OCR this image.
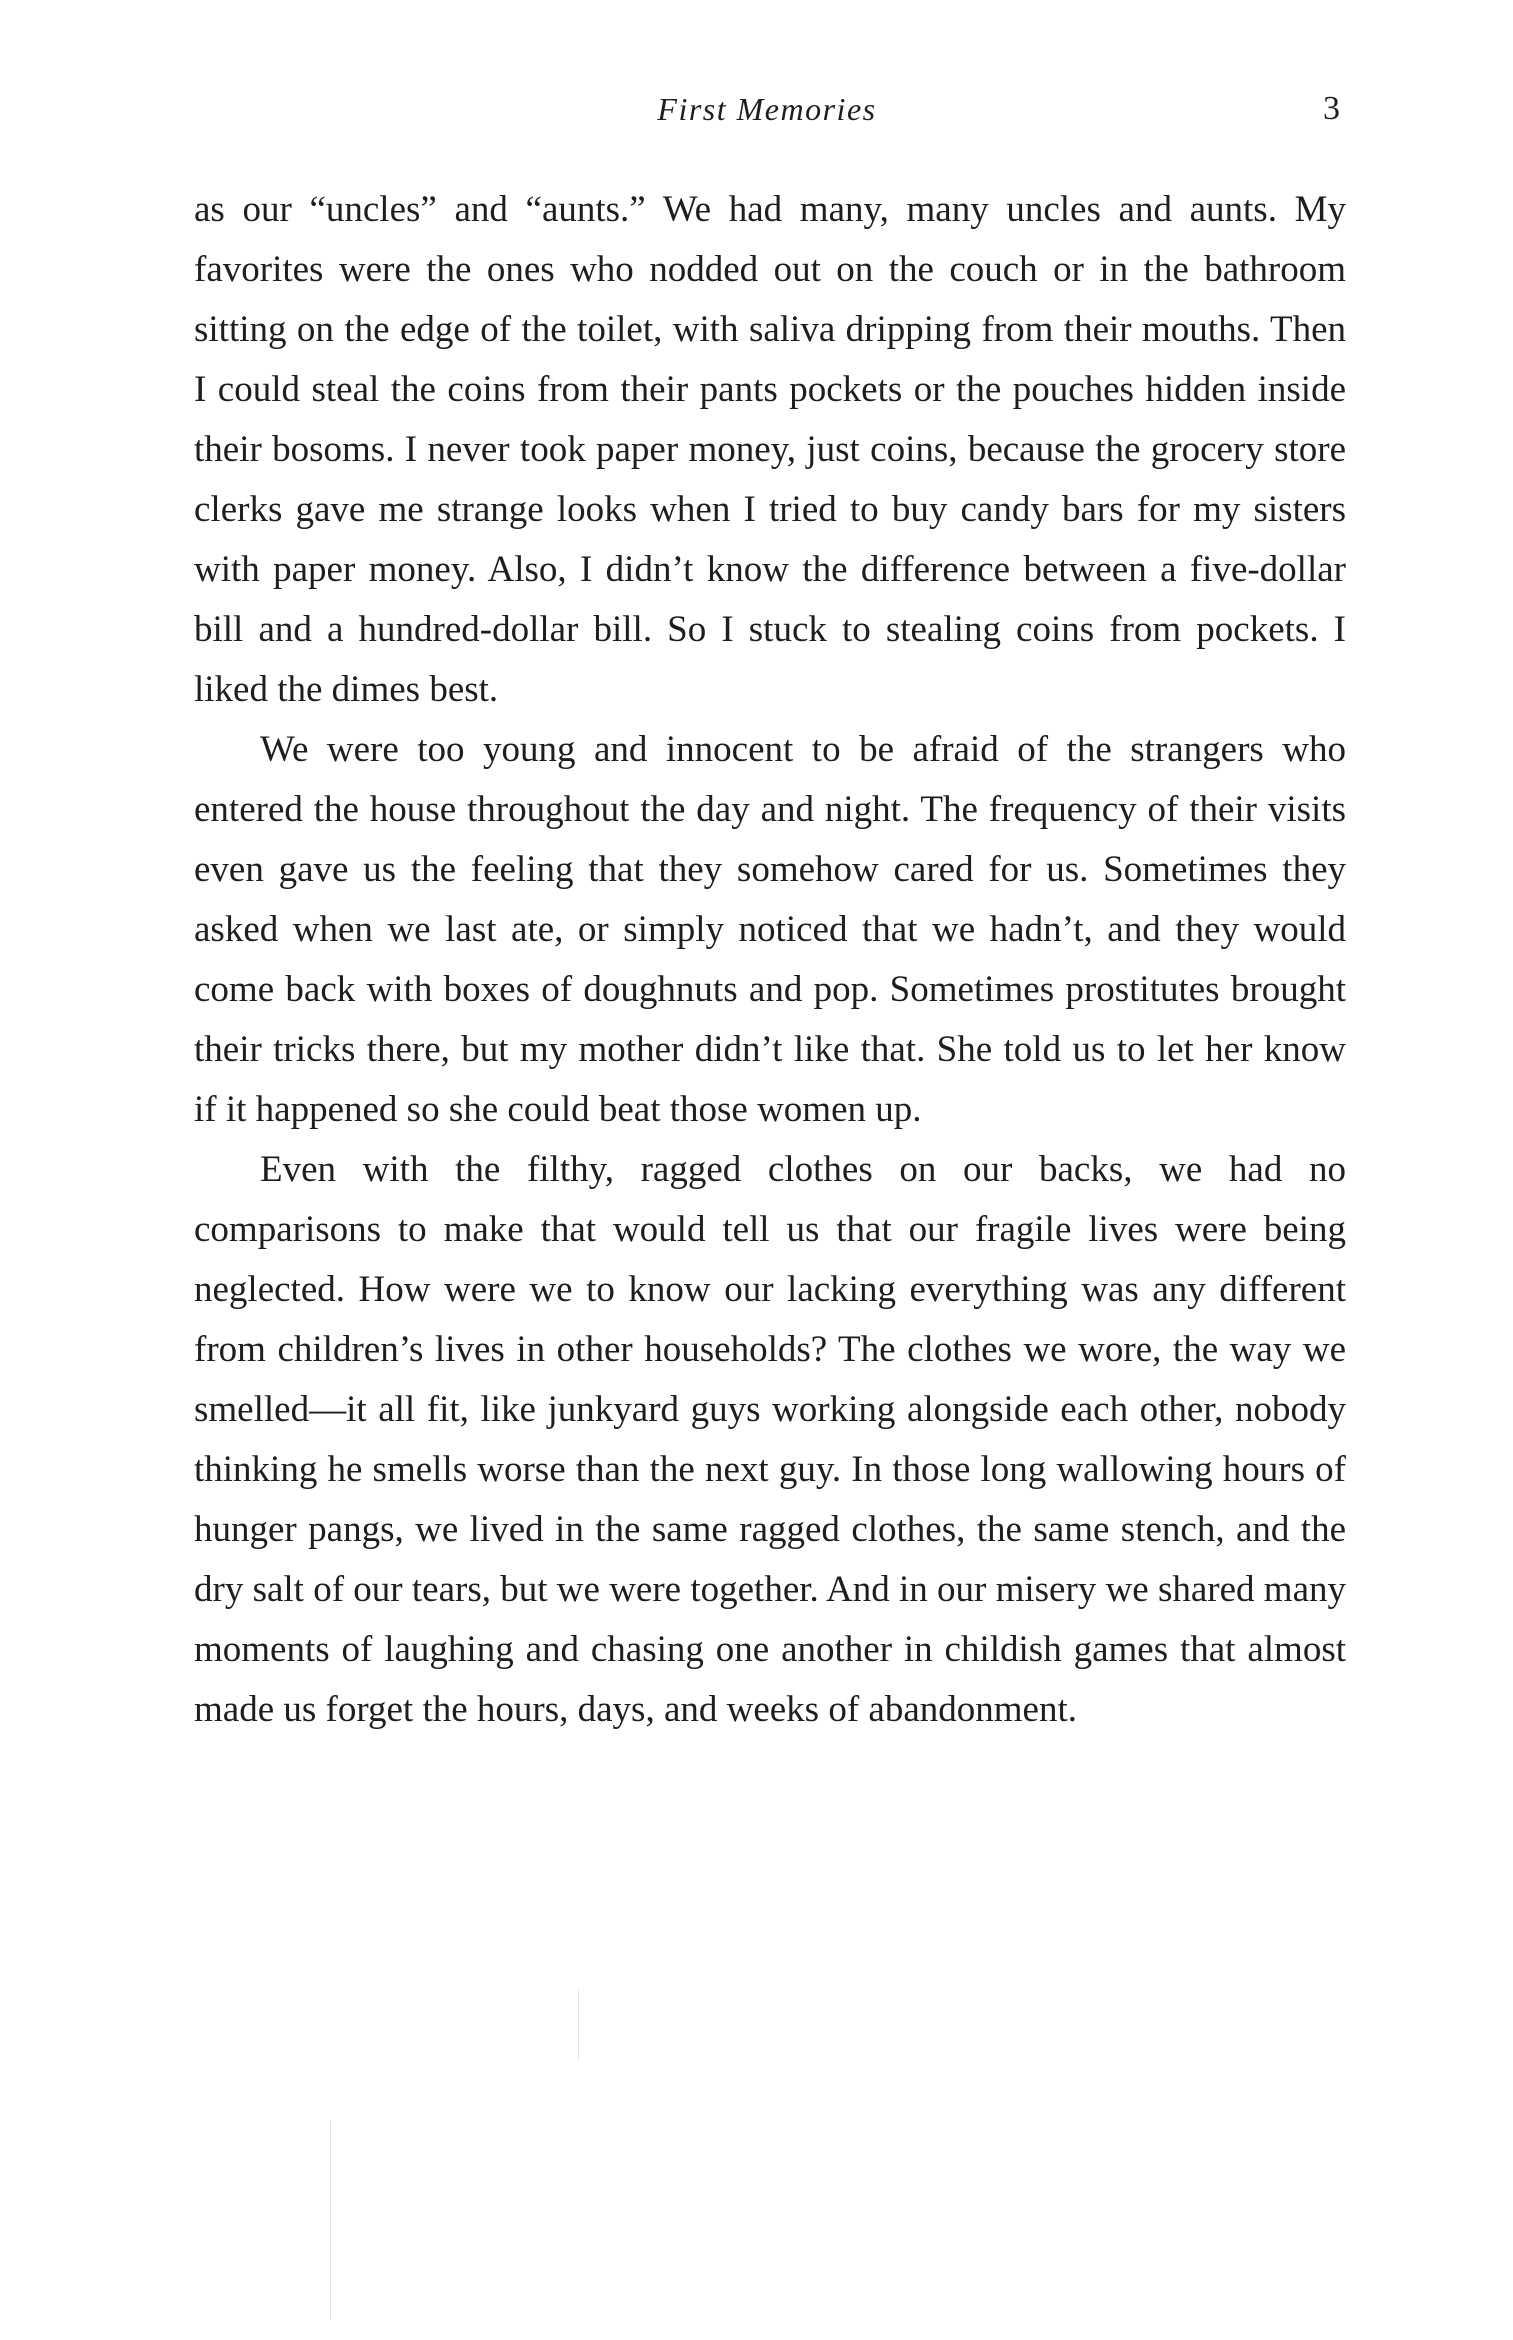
First Memories	3

as our “uncles” and “aunts.” We had many, many uncles and aunts. My favorites were the ones who nodded out on the couch or in the bathroom sitting on the edge of the toilet, with saliva dripping from their mouths. Then I could steal the coins from their pants pockets or the pouches hidden inside their bosoms. I never took paper money, just coins, because the grocery store clerks gave me strange looks when I tried to buy candy bars for my sisters with paper money. Also, I didn’t know the difference between a five-dollar bill and a hundred-dollar bill. So I stuck to stealing coins from pockets. I liked the dimes best.

We were too young and innocent to be afraid of the strangers who entered the house throughout the day and night. The frequency of their visits even gave us the feeling that they somehow cared for us. Sometimes they asked when we last ate, or simply noticed that we hadn’t, and they would come back with boxes of doughnuts and pop. Sometimes prostitutes brought their tricks there, but my mother didn’t like that. She told us to let her know if it happened so she could beat those women up.

Even with the filthy, ragged clothes on our backs, we had no comparisons to make that would tell us that our fragile lives were being neglected. How were we to know our lacking everything was any different from children’s lives in other households? The clothes we wore, the way we smelled—it all fit, like junkyard guys working alongside each other, nobody thinking he smells worse than the next guy. In those long wallowing hours of hunger pangs, we lived in the same ragged clothes, the same stench, and the dry salt of our tears, but we were together. And in our misery we shared many moments of laughing and chasing one another in childish games that almost made us forget the hours, days, and weeks of abandonment.
